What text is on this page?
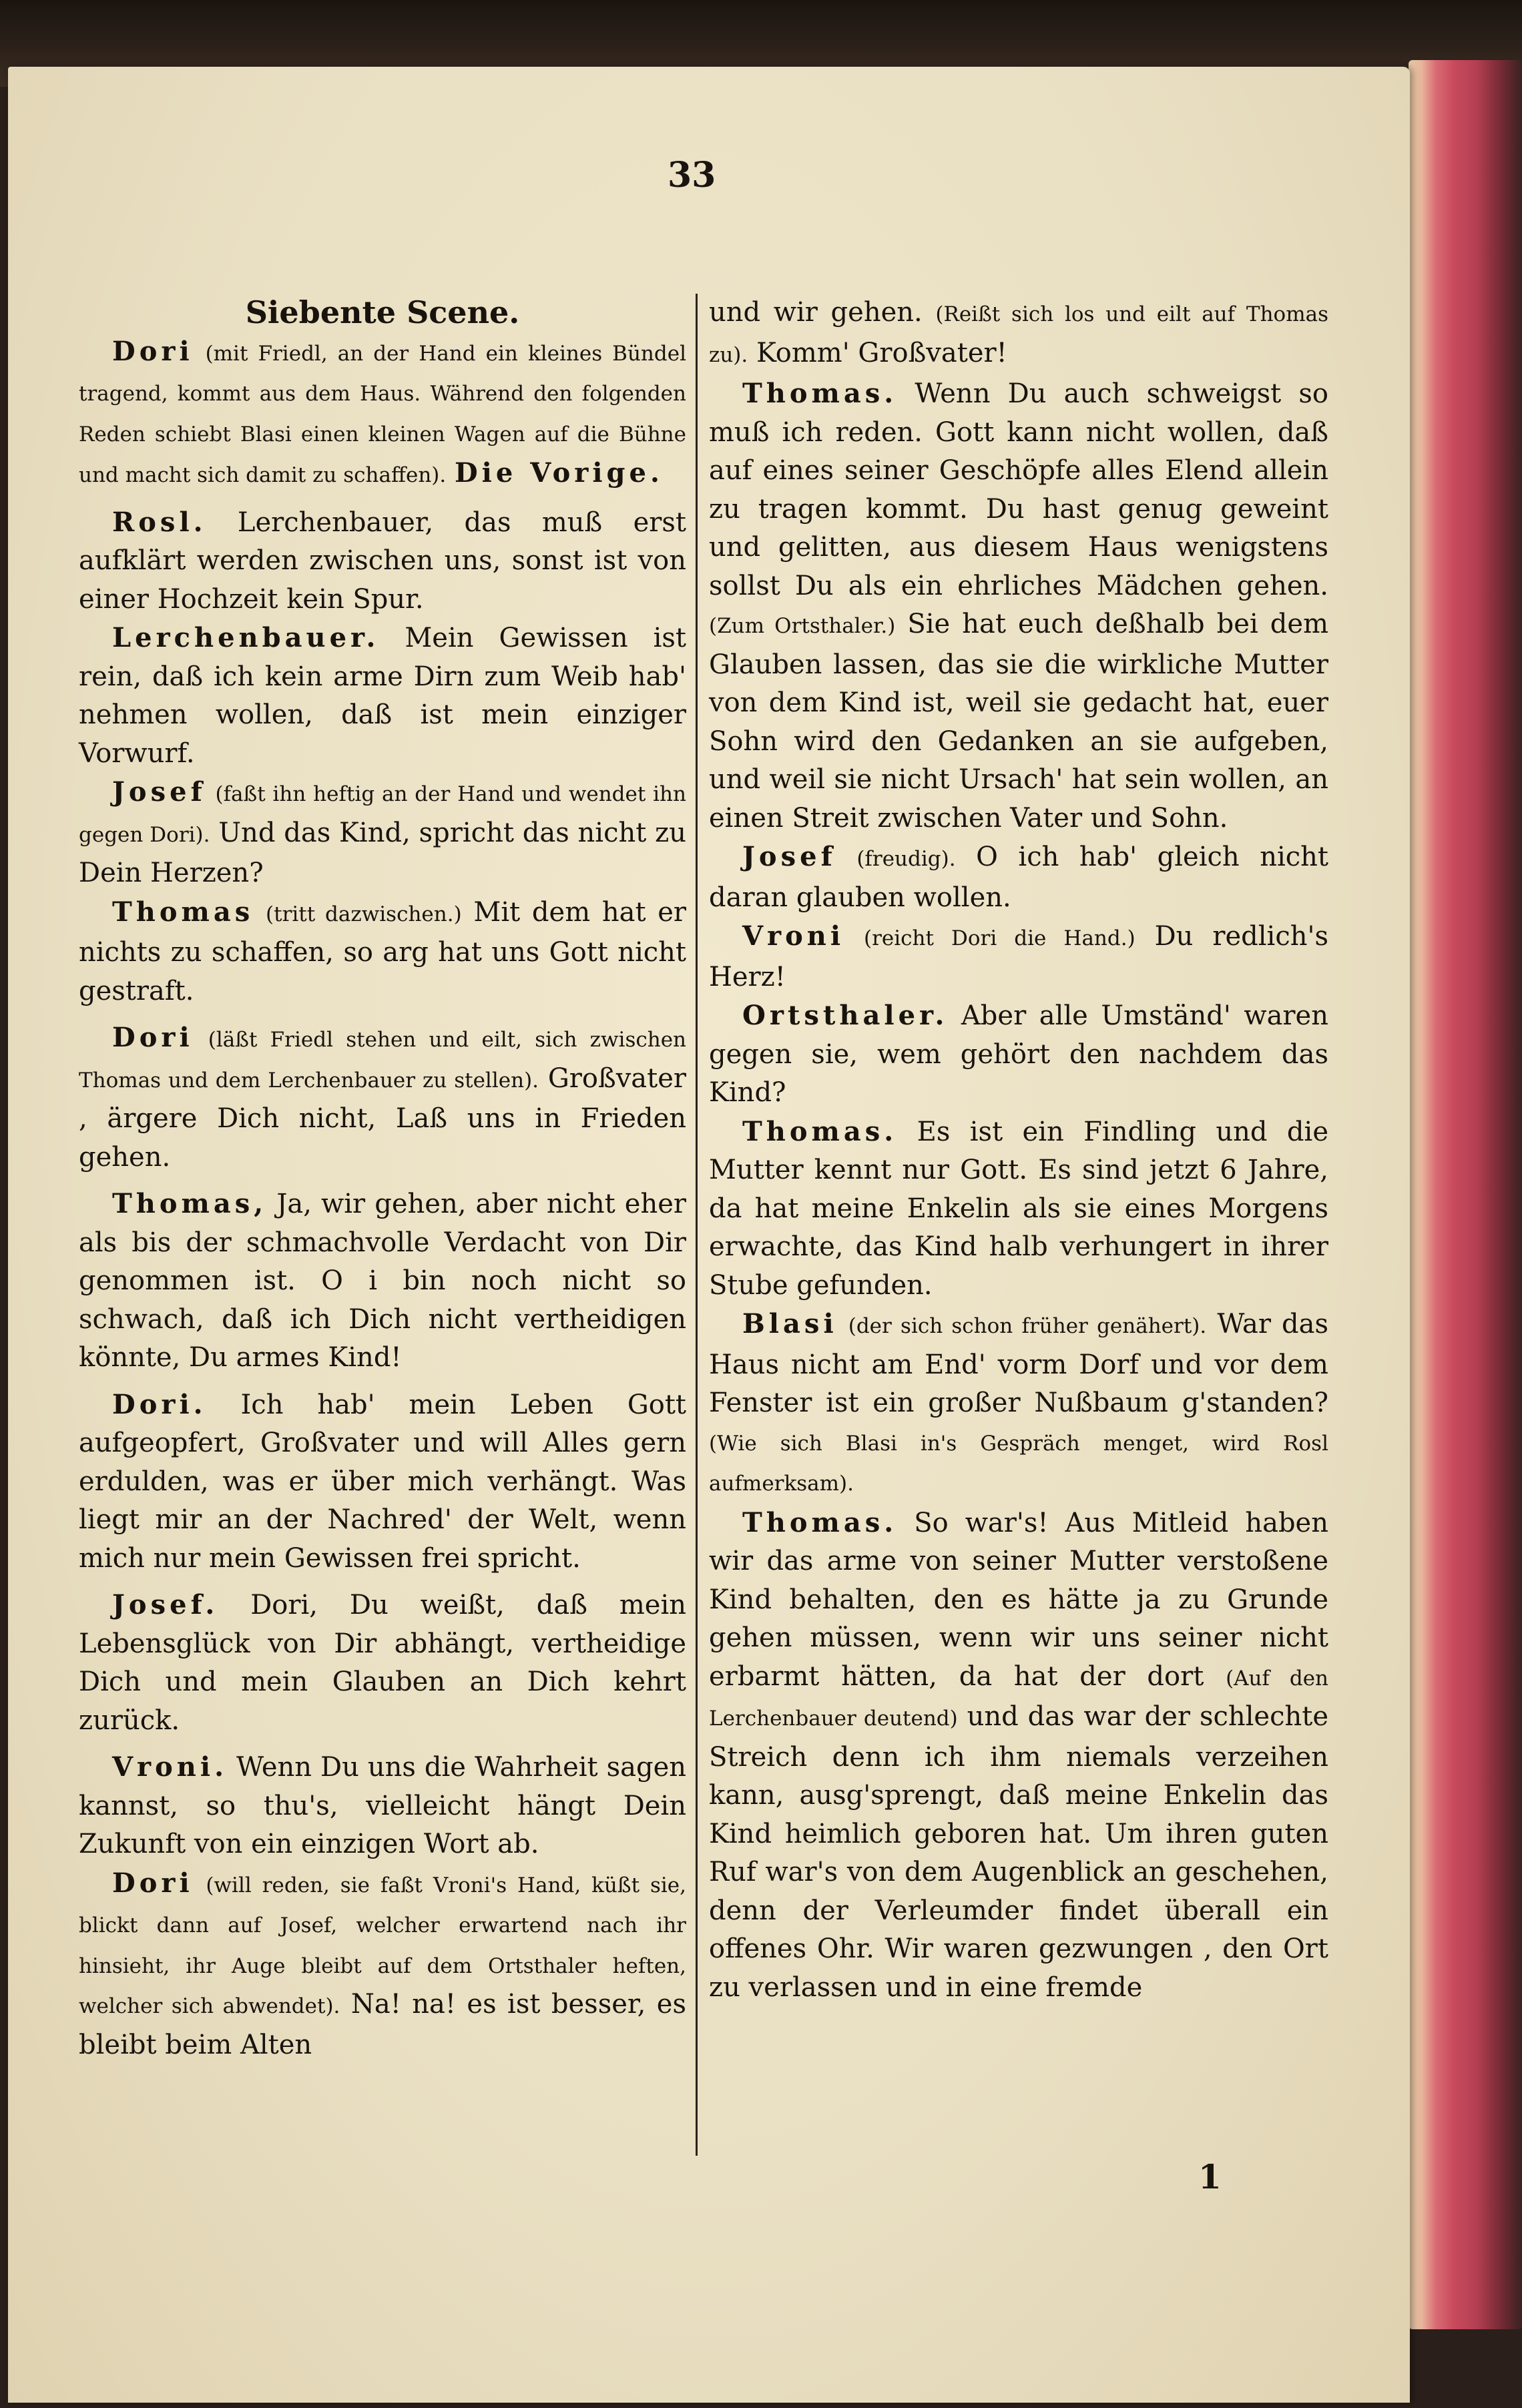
33

Siebente Scene.

Dori (mit Friedl, an der Hand ein kleines Bündel tragend, kommt aus dem Haus. Während den folgenden Reden schiebt Blasi einen kleinen Wagen auf die Bühne und macht sich damit zu schaffen). Die Vorige.

Rosl. Lerchenbauer, das muß erst aufklärt werden zwischen uns, sonst ist von einer Hochzeit kein Spur.

Lerchenbauer. Mein Gewissen ist rein, daß ich kein arme Dirn zum Weib hab' nehmen wollen, daß ist mein einziger Vorwurf.

Josef (faßt ihn heftig an der Hand und wendet ihn gegen Dori). Und das Kind, spricht das nicht zu Dein Herzen?

Thomas (tritt dazwischen.) Mit dem hat er nichts zu schaffen, so arg hat uns Gott nicht gestraft.

Dori (läßt Friedl stehen und eilt, sich zwischen Thomas und dem Lerchenbauer zu stellen). Großvater , ärgere Dich nicht, Laß uns in Frieden gehen.

Thomas, Ja, wir gehen, aber nicht eher als bis der schmachvolle Verdacht von Dir genommen ist. O i bin noch nicht so schwach, daß ich Dich nicht vertheidigen könnte, Du armes Kind!

Dori. Ich hab' mein Leben Gott aufgeopfert, Großvater und will Alles gern erdulden, was er über mich verhängt. Was liegt mir an der Nachred' der Welt, wenn mich nur mein Gewissen frei spricht.

Josef. Dori, Du weißt, daß mein Lebensglück von Dir abhängt, vertheidige Dich und mein Glauben an Dich kehrt zurück.

Vroni. Wenn Du uns die Wahrheit sagen kannst, so thu's, vielleicht hängt Dein Zukunft von ein einzigen Wort ab.

Dori (will reden, sie faßt Vroni's Hand, küßt sie, blickt dann auf Josef, welcher erwartend nach ihr hinsieht, ihr Auge bleibt auf dem Ortsthaler heften, welcher sich abwendet). Na! na! es ist besser, es bleibt beim Alten

und wir gehen. (Reißt sich los und eilt auf Thomas zu). Komm' Großvater!

Thomas. Wenn Du auch schweigst so muß ich reden. Gott kann nicht wollen, daß auf eines seiner Geschöpfe alles Elend allein zu tragen kommt. Du hast genug geweint und gelitten, aus diesem Haus wenigstens sollst Du als ein ehrliches Mädchen gehen. (Zum Ortsthaler.) Sie hat euch deßhalb bei dem Glauben lassen, das sie die wirkliche Mutter von dem Kind ist, weil sie gedacht hat, euer Sohn wird den Gedanken an sie aufgeben, und weil sie nicht Ursach' hat sein wollen, an einen Streit zwischen Vater und Sohn.

Josef (freudig). O ich hab' gleich nicht daran glauben wollen.

Vroni (reicht Dori die Hand.) Du redlich's Herz!

Ortsthaler. Aber alle Umständ' waren gegen sie, wem gehört den nachdem das Kind?

Thomas. Es ist ein Findling und die Mutter kennt nur Gott. Es sind jetzt 6 Jahre, da hat meine Enkelin als sie eines Morgens erwachte, das Kind halb verhungert in ihrer Stube gefunden.

Blasi (der sich schon früher genähert). War das Haus nicht am End' vorm Dorf und vor dem Fenster ist ein großer Nußbaum g'standen? (Wie sich Blasi in's Gespräch menget, wird Rosl aufmerksam).

Thomas. So war's! Aus Mitleid haben wir das arme von seiner Mutter verstoßene Kind behalten, den es hätte ja zu Grunde gehen müssen, wenn wir uns seiner nicht erbarmt hätten, da hat der dort (Auf den Lerchenbauer deutend) und das war der schlechte Streich denn ich ihm niemals verzeihen kann, ausg'sprengt, daß meine Enkelin das Kind heimlich geboren hat. Um ihren guten Ruf war's von dem Augenblick an geschehen, denn der Verleumder findet überall ein offenes Ohr. Wir waren gezwungen , den Ort zu verlassen und in eine fremde

1
